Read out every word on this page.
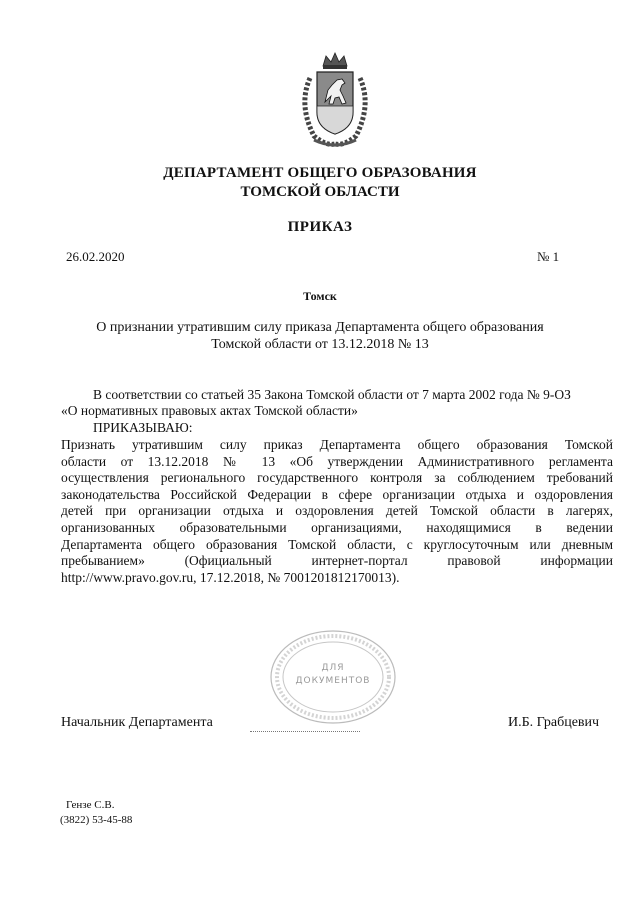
ДЕПАРТАМЕНТ ОБЩЕГО ОБРАЗОВАНИЯ
ТОМСКОЙ ОБЛАСТИ
ПРИКАЗ
26.02.2020	№ 1
Томск
О признании утратившим силу приказа Департамента общего образования
Томской области от 13.12.2018 № 13
В соответствии со статьей 35 Закона Томской области от 7 марта 2002 года № 9-ОЗ
«О нормативных правовых актах Томской области»
ПРИКАЗЫВАЮ:

Признать утратившим силу приказ Департамента общего образования Томской

области от 13.12.2018 № 13 «Об утверждении Административного регламента

осуществления регионального государственного контроля за соблюдением требований

законодательства Российской Федерации в сфере организации отдыха и оздоровления

детей при организации отдыха и оздоровления детей Томской области в лагерях,

организованных образовательными организациями, находящимися в ведении

Департамента общего образования Томской области, с круглосуточным или дневным

пребыванием» (Официальный интернет-портал правовой информации

http://www.pravo.gov.ru, 17.12.2018, № 7001201812170013).

ДЛЯ
ДОКУМЕНТОВ
Начальник Департамента	И.Б. Грабцевич
Гензе С.В.
(3822) 53-45-88
